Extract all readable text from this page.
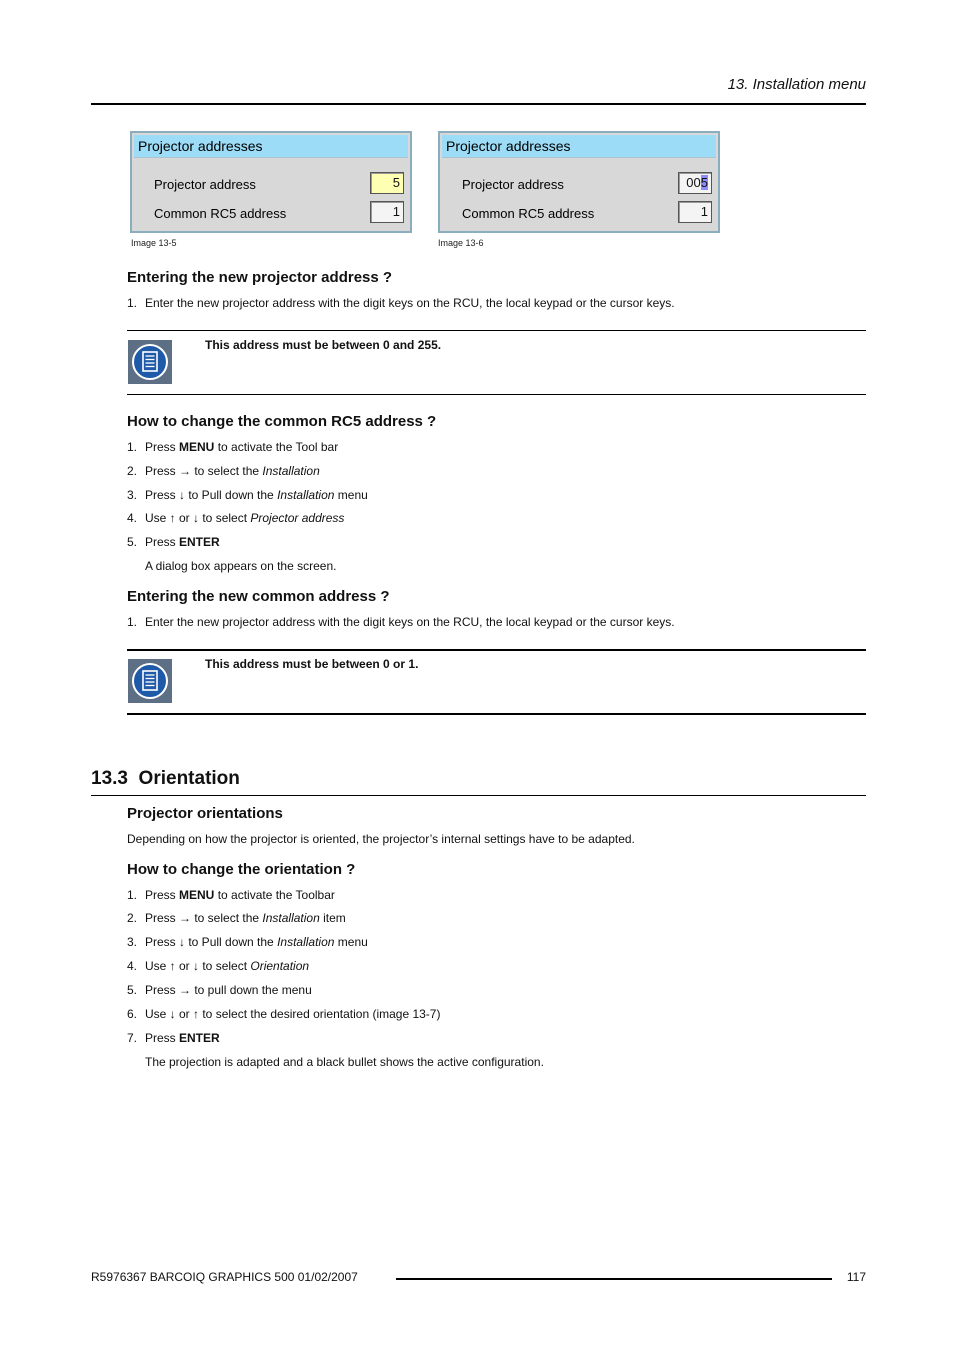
13. Installation menu
Projector addresses
Projector address	5
Common RC5 address	1
Image 13-5
Projector addresses
Projector address	005
Common RC5 address	1
Image 13-6
Entering the new projector address ?
1. Enter the new projector address with the digit keys on the RCU, the local keypad or the cursor keys.
This address must be between 0 and 255.
How to change the common RC5 address ?
1. Press MENU to activate the Tool bar
2. Press → to select the Installation
3. Press ↓ to Pull down the Installation menu
4. Use ↑ or ↓ to select Projector address
5. Press ENTER
A dialog box appears on the screen.
Entering the new common address ?
1. Enter the new projector address with the digit keys on the RCU, the local keypad or the cursor keys.
This address must be between 0 or 1.
13.3 Orientation
Projector orientations
Depending on how the projector is oriented, the projector’s internal settings have to be adapted.
How to change the orientation ?
1. Press MENU to activate the Toolbar
2. Press → to select the Installation item
3. Press ↓ to Pull down the Installation menu
4. Use ↑ or ↓ to select Orientation
5. Press → to pull down the menu
6. Use ↓ or ↑ to select the desired orientation (image 13-7)
7. Press ENTER
The projection is adapted and a black bullet shows the active configuration.
R5976367 BARCOIQ GRAPHICS 500 01/02/2007	117
